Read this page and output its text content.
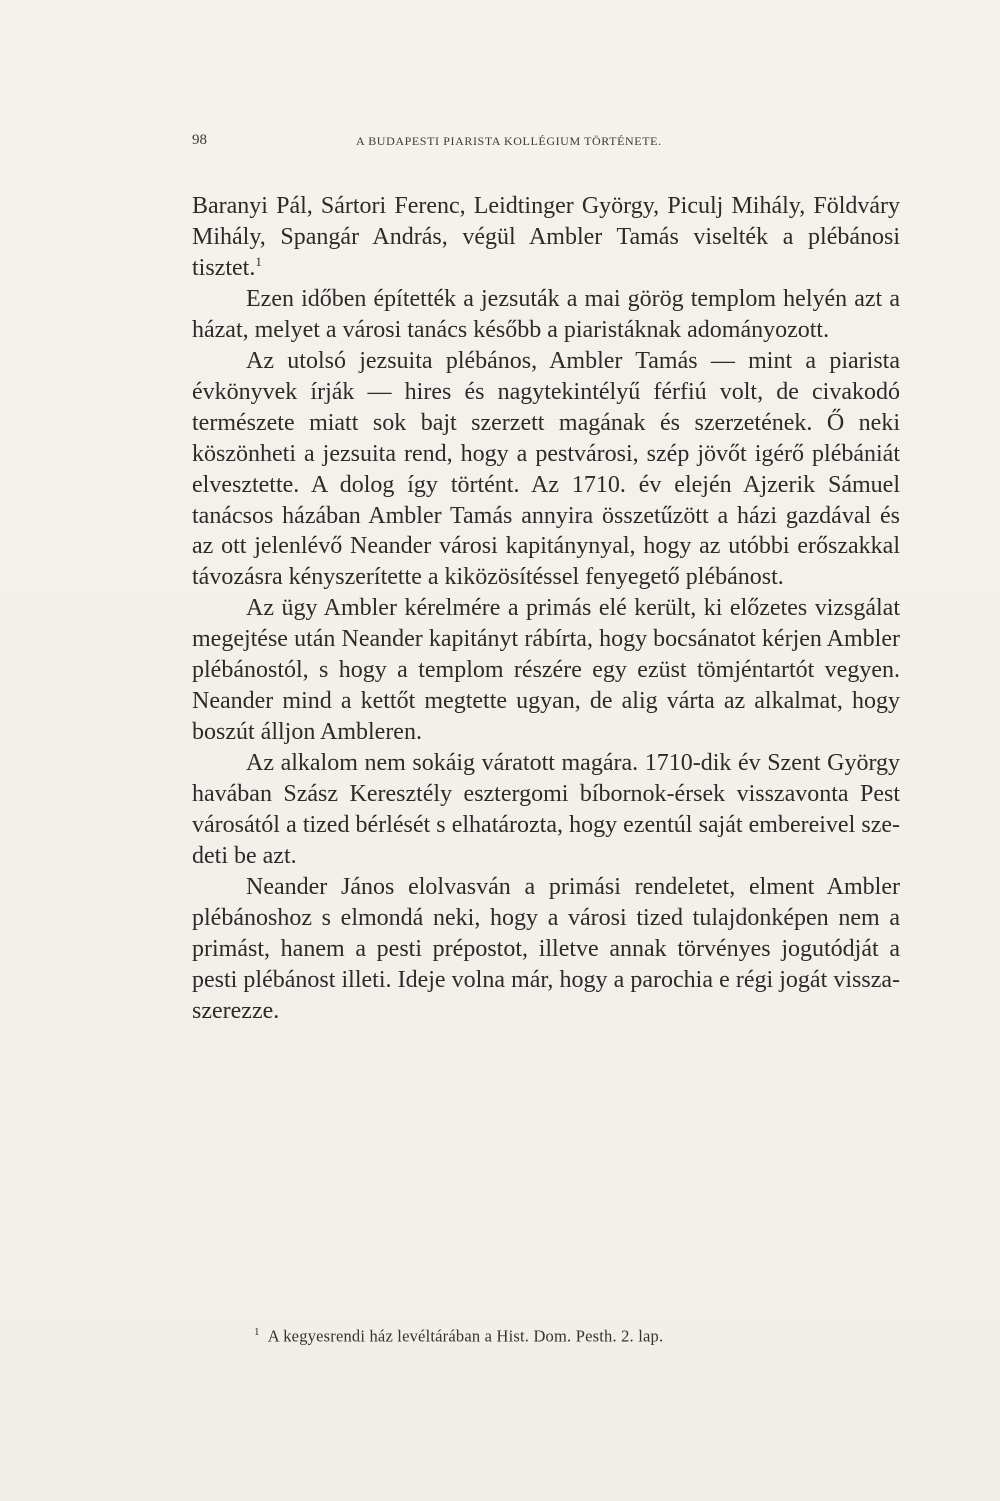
98	A BUDAPESTI PIARISTA KOLLÉGIUM TÖRTÉNETE.

Baranyi Pál, Sártori Ferenc, Leidtinger György, Piculj Mihály, Földváry Mihály, Spangár András, végül Ambler Tamás viselték a plébánosi tisztet.$^1$

Ezen időben építették a jezsuták a mai görög templom helyén azt a házat, melyet a városi tanács később a piaristáknak adományozott.

Az utolsó jezsuita plébános, Ambler Tamás — mint a piarista évkönyvek írják — hires és nagytekintélyű férfiú volt, de civakodó természete miatt sok bajt szerzett magának és szerzetének. Ő neki köszönheti a jezsuita rend, hogy a pestvárosi, szép jövőt igérő plébániát elvesztette. A dolog így történt. Az 1710. év elején Ajzerik Sámuel tanácsos házában Ambler Tamás annyira összetűzött a házi gazdával és az ott jelenlévő Neander városi kapitánynyal, hogy az utóbbi erőszakkal távozásra kényszerítette a kiközösítéssel fenyegető plébánost.

Az ügy Ambler kérelmére a primás elé került, ki előzetes vizsgálat megejtése után Neander kapitányt rábírta, hogy bocsánatot kérjen Ambler plébánostól, s hogy a templom részére egy ezüst tömjéntartót vegyen. Neander mind a kettőt megtette ugyan, de alig várta az alkalmat, hogy boszút álljon Ambleren.

Az alkalom nem sokáig váratott magára. 1710-dik év Szent György havában Szász Keresztély esztergomi bíbornok-érsek visszavonta Pest városától a tized bérlését s elhatározta, hogy ezentúl saját embereivel szedeti be azt.

Neander János elolvasván a primási rendeletet, elment Ambler plébánoshoz s elmondá neki, hogy a városi tized tulajdonképen nem a primást, hanem a pesti prépostot, illetve annak törvényes jogutódját a pesti plébánost illeti. Ideje volna már, hogy a parochia e régi jogát visszaszerezze.

$^1$ A kegyesrendi ház levéltárában a Hist. Dom. Pesth. 2. lap.
